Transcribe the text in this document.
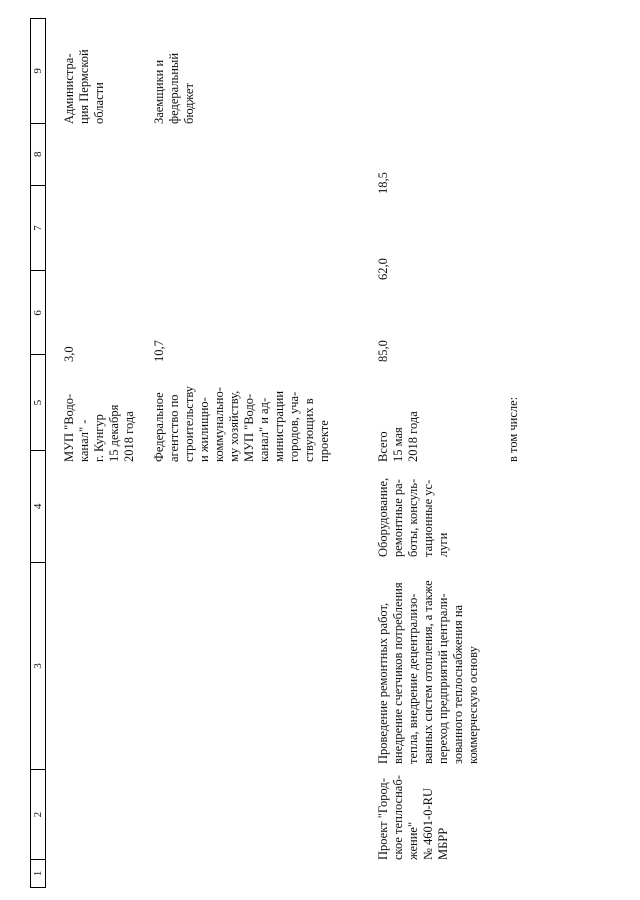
1
2
3
4
5
6
7
8
9
МУП "Водо-
канал" -
г. Кунгур
15 декабря
2018 года
3,0
Администра-
ция Пермской
области
Федеральное
агентство по
строительству
и жилищно-
коммунально-
му хозяйству,
МУП "Водо-
канал" и ад-
министрации
городов, уча-
ствующих в
проекте
10,7
Заемщики и
федеральный
бюджет
Проект "Город-
ское теплоснаб-
жение"
№ 4601-0-RU
МБРР
Проведение ремонтных работ,
внедрение счетчиков потребления
тепла, внедрение децентрализо-
ванных систем отопления, а также
переход предприятий централи-
зованного теплоснабжения на
коммерческую основу
Оборудование,
ремонтные ра-
боты, консуль-
тационные ус-
луги
Всего
15 мая
2018 года
85,0
62,0
18,5
в том числе:
